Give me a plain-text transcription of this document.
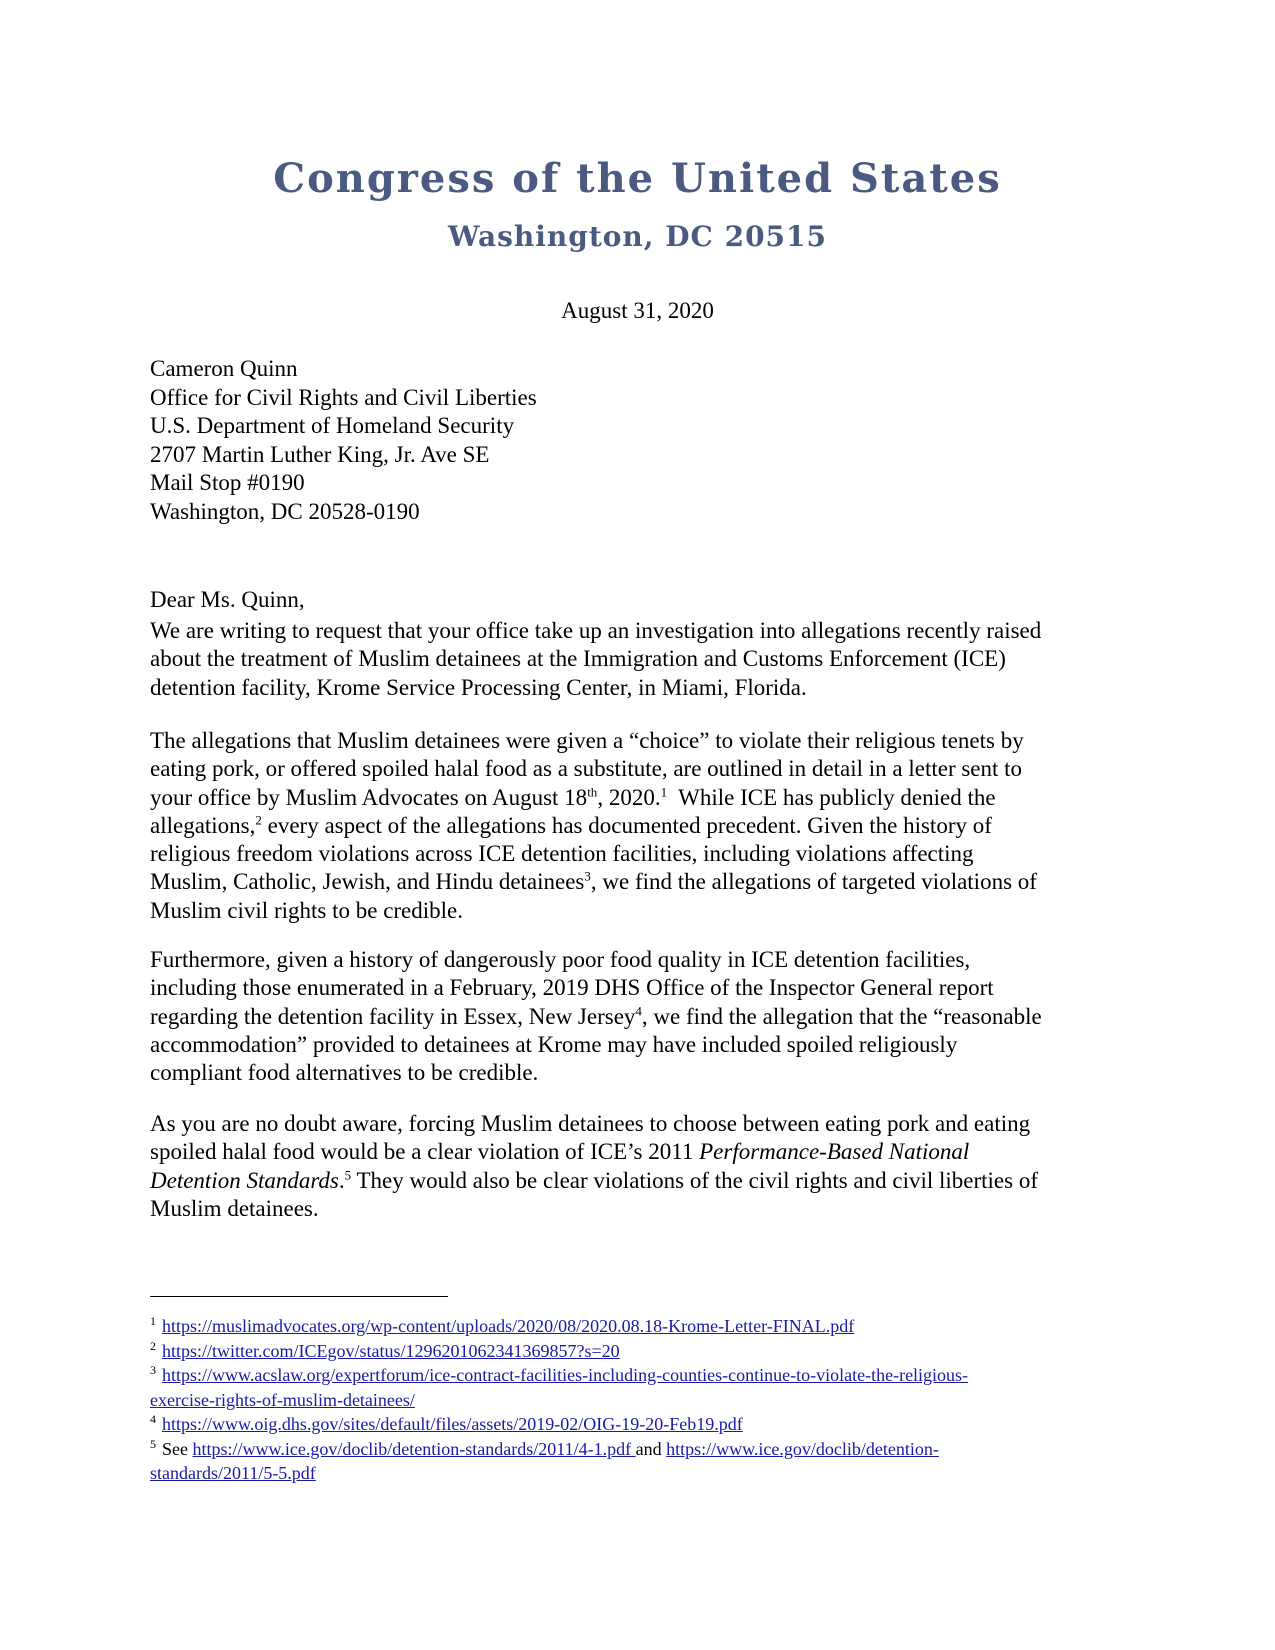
Congress of the United States
Washington, DC 20515
August 31, 2020
Cameron Quinn
Office for Civil Rights and Civil Liberties
U.S. Department of Homeland Security
2707 Martin Luther King, Jr. Ave SE
Mail Stop #0190
Washington, DC 20528-0190
Dear Ms. Quinn,
We are writing to request that your office take up an investigation into allegations recently raised
about the treatment of Muslim detainees at the Immigration and Customs Enforcement (ICE)
detention facility, Krome Service Processing Center, in Miami, Florida.
The allegations that Muslim detainees were given a “choice” to violate their religious tenets by
eating pork, or offered spoiled halal food as a substitute, are outlined in detail in a letter sent to
your office by Muslim Advocates on August 18th, 2020.$^1$  While ICE has publicly denied the
allegations,$^2$ every aspect of the allegations has documented precedent. Given the history of
religious freedom violations across ICE detention facilities, including violations affecting
Muslim, Catholic, Jewish, and Hindu detainees$^3$, we find the allegations of targeted violations of
Muslim civil rights to be credible.
Furthermore, given a history of dangerously poor food quality in ICE detention facilities,
including those enumerated in a February, 2019 DHS Office of the Inspector General report
regarding the detention facility in Essex, New Jersey$^4$, we find the allegation that the “reasonable
accommodation” provided to detainees at Krome may have included spoiled religiously
compliant food alternatives to be credible.
As you are no doubt aware, forcing Muslim detainees to choose between eating pork and eating
spoiled halal food would be a clear violation of ICE’s 2011 Performance-Based National
Detention Standards.$^5$ They would also be clear violations of the civil rights and civil liberties of
Muslim detainees.
$^1$ https://muslimadvocates.org/wp-content/uploads/2020/08/2020.08.18-Krome-Letter-FINAL.pdf
$^2$ https://twitter.com/ICEgov/status/1296201062341369857?s=20
$^3$ https://www.acslaw.org/expertforum/ice-contract-facilities-including-counties-continue-to-violate-the-religious-
exercise-rights-of-muslim-detainees/
$^4$ https://www.oig.dhs.gov/sites/default/files/assets/2019-02/OIG-19-20-Feb19.pdf
$^5$ See https://www.ice.gov/doclib/detention-standards/2011/4-1.pdf and https://www.ice.gov/doclib/detention-
standards/2011/5-5.pdf
